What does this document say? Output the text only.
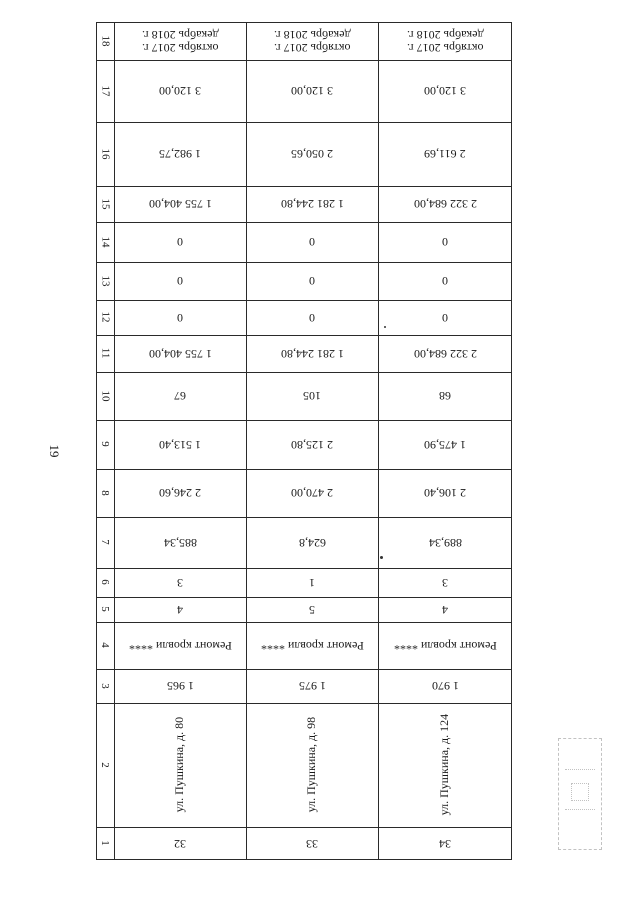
19
1
2
3
4
5
6
7
8
9
10
11
12
13
14
15
16
17
18
32
ул. Пушкина, д. 80
1 965
Ремонт кровли ****
4
3
885,34
2 246,60
1 513,40
67
1 755 404,00
0
0
0
1 755 404,00
1 982,75
3 120,00
декабрь 2018 г.
октябрь 2017 г.
33
ул. Пушкина, д. 98
1 975
Ремонт кровли ****
5
1
624,8
2 470,00
2 125,80
105
1 281 244,80
0
0
0
1 281 244,80
2 050,65
3 120,00
декабрь 2018 г.
октябрь 2017 г.
34
ул. Пушкина, д. 124
1 970
Ремонт кровли ****
4
3
889,34
2 106,40
1 475,90
68
2 322 684,00
0
0
0
2 322 684,00
2 611,69
3 120,00
декабрь 2018 г.
октябрь 2017 г.
